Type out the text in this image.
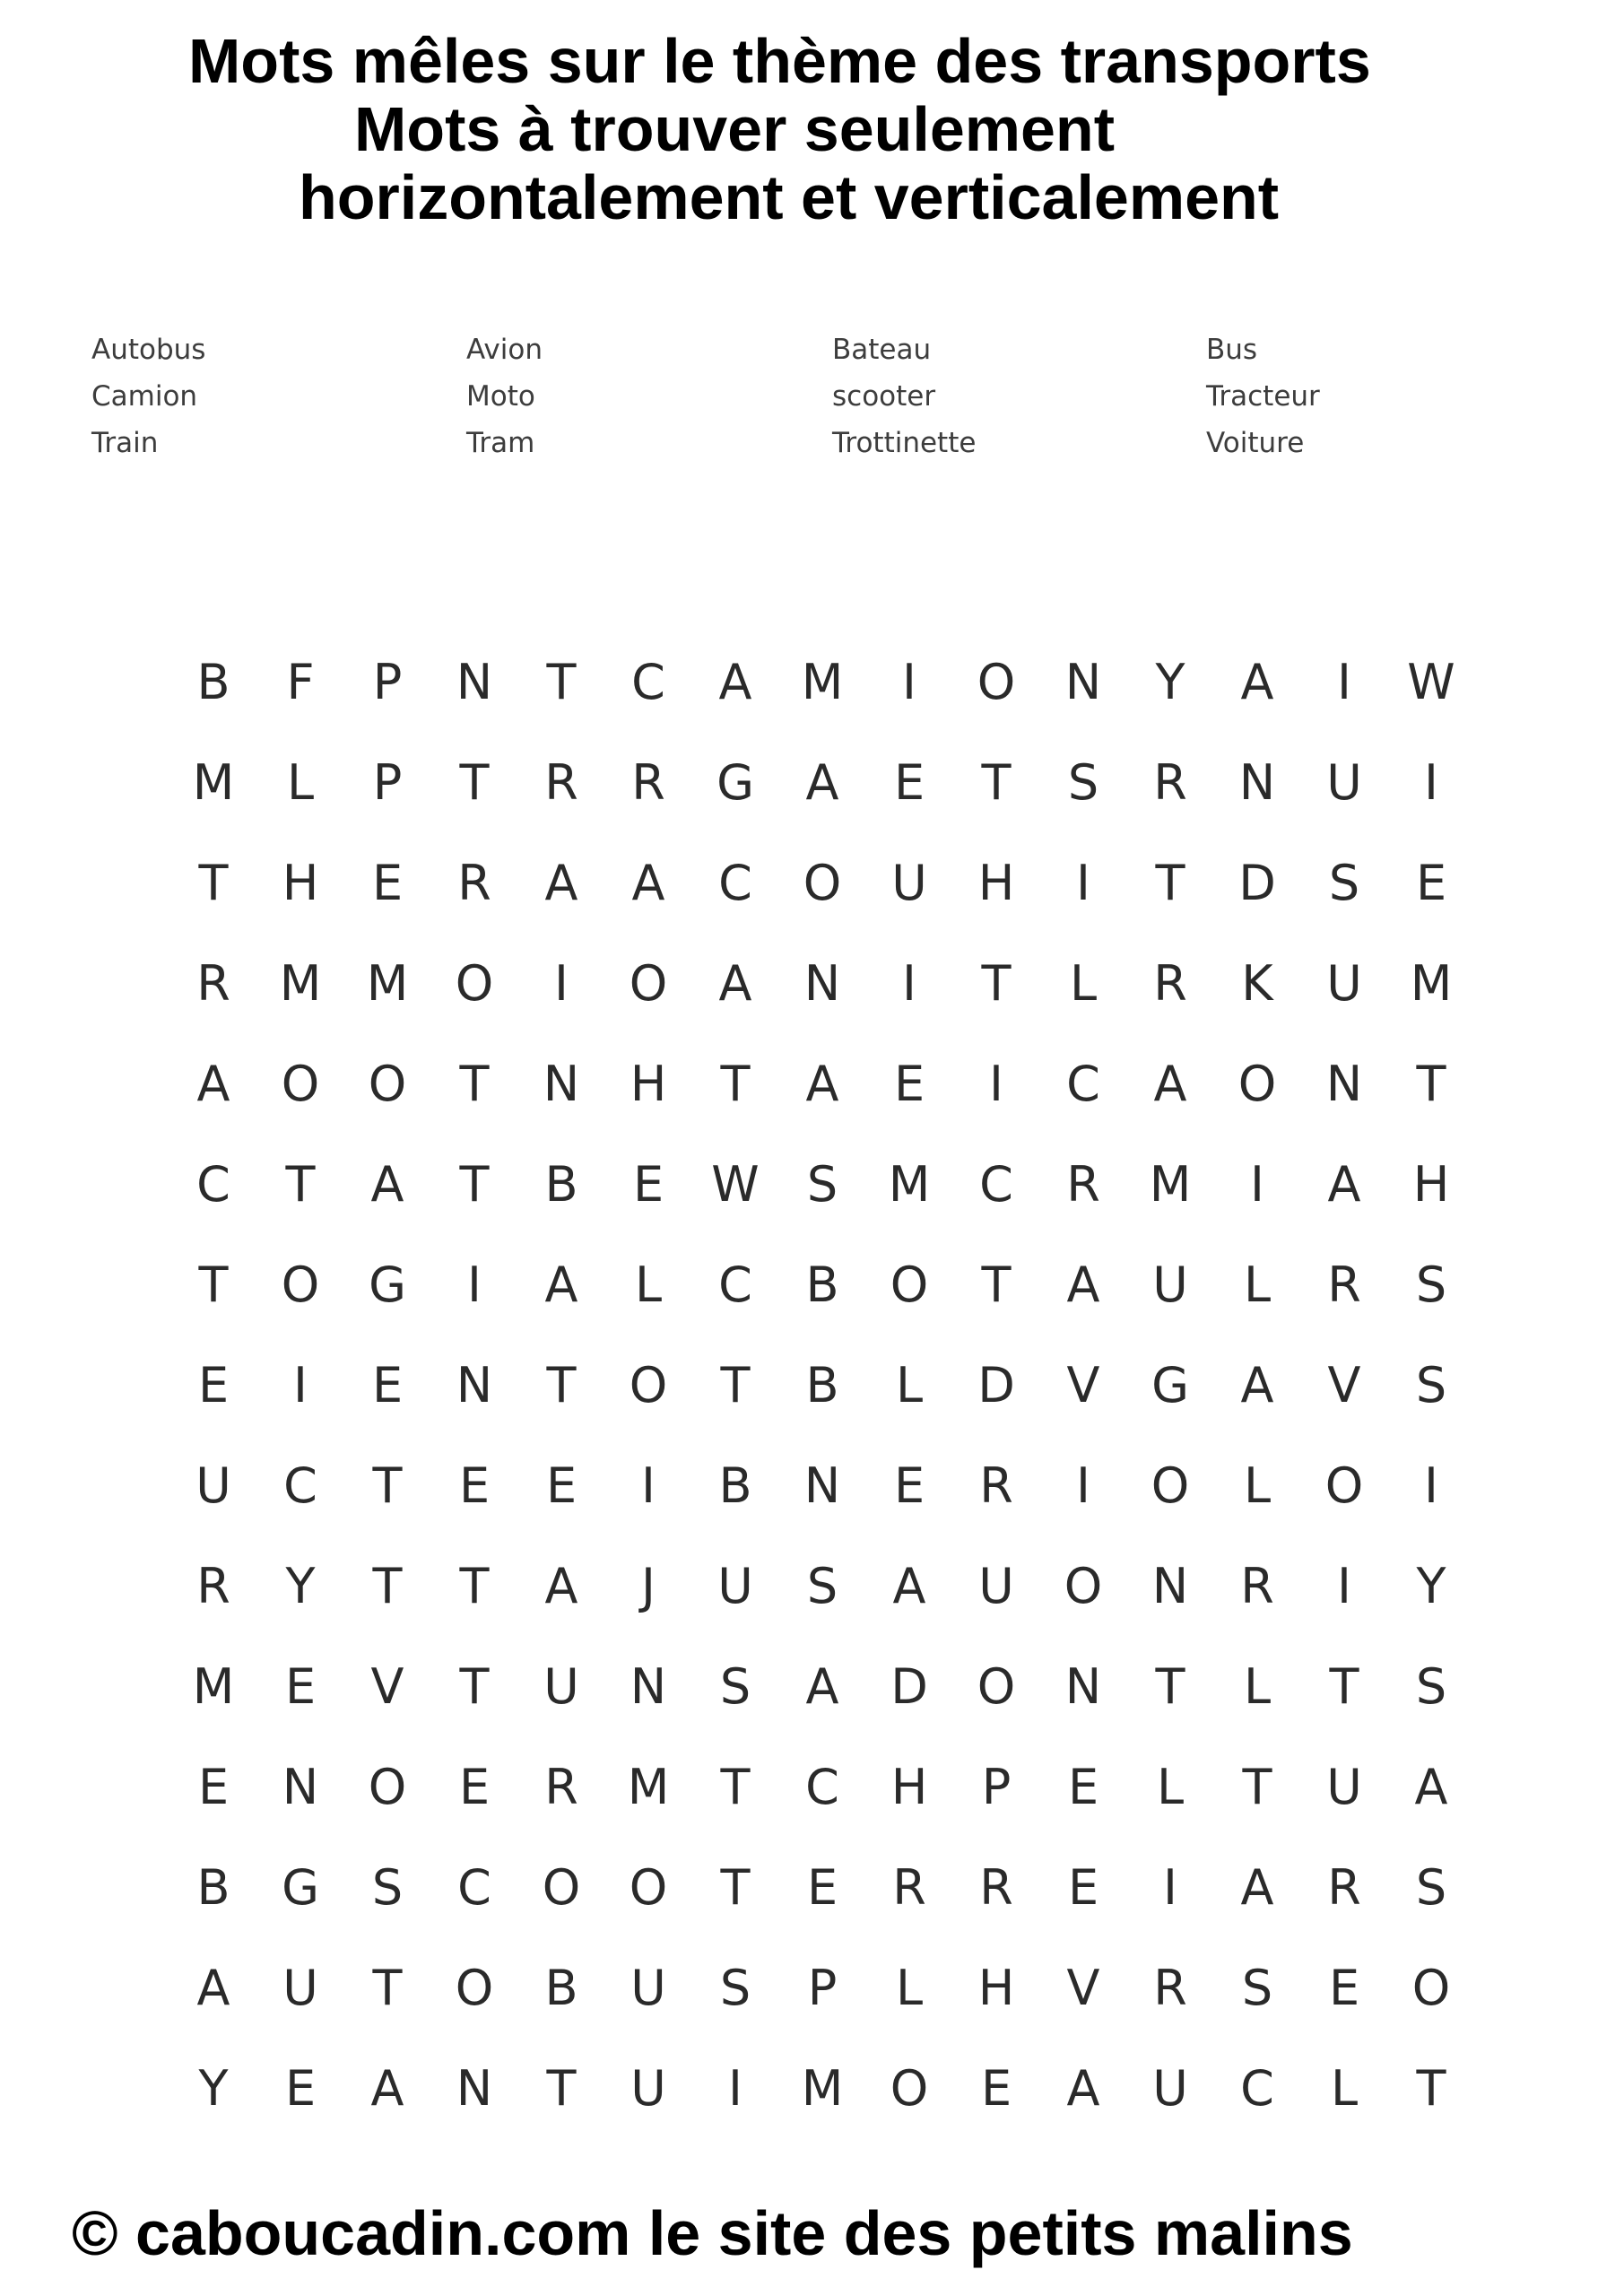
Mots mêles sur le thème des transports
Mots à trouver seulement
horizontalement et verticalement
Autobus	Avion	Bateau	Bus
Camion	Moto	scooter	Tracteur
Train	Tram	Trottinette	Voiture
B	F	P	N	T	C	A	M	I	O	N	Y	A	I	W
M	L	P	T	R	R	G	A	E	T	S	R	N	U	I
T	H	E	R	A	A	C	O	U	H	I	T	D	S	E
R	M M O	I	O	A	N	I	T	L	R	K	U M
A	O	O	T	N	H	T	A	E	I	C	A	O	N	T
C	T	A	T	B	E W S	M	C	R	M	I	A	H
T	O	G	I	A	L	C	B	O	T	A	U	L	R	S
E	I	E	N	T	O	T	B	L	D	V	G	A	V	S
U	C	T	E	E	I	B	N	E	R	I	O	L	O	I
R	Y	T	T	A	J	U	S	A	U	O	N	R	I	Y
M	E	V	T	U	N	S	A	D	O	N	T	L	T	S
E	N	O	E	R	M	T	C	H	P	E	L	T	U	A
B	G	S	C	O	O	T	E	R	R	E	I	A	R	S
A	U	T	O	B	U	S	P	L	H	V	R	S	E	O
Y	E	A	N	T	U	I	M O	E	A	U	C	L	T
© caboucadin.com le site des petits malins
